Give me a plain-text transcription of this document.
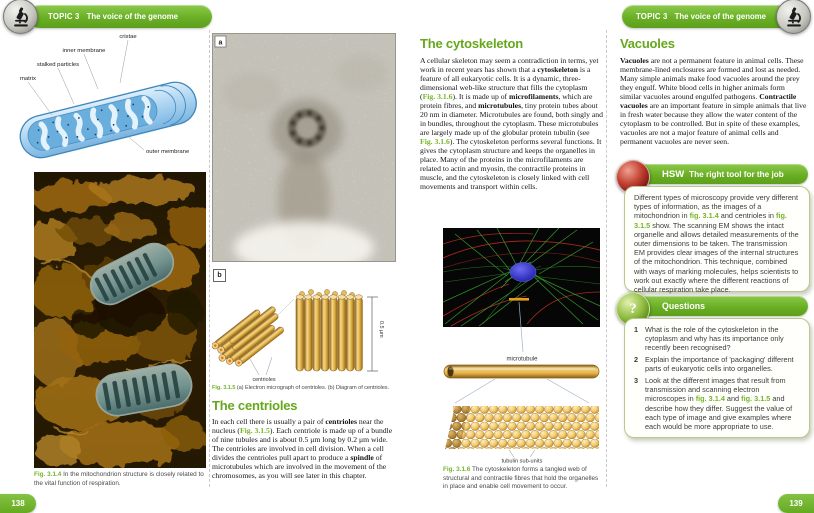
TOPIC 3 The voice of the genome
cristae
inner membrane
stalked particles
matrix
outer membrane
Fig. 3.1.4 In the mitochondrion structure is closely related to the vital function of respiration.
a
b
0.5 μm
centrioles
Fig. 3.1.5 (a) Electron micrograph of centrioles. (b) Diagram of centrioles.
The centrioles
In each cell there is usually a pair of centrioles near the nucleus (Fig. 3.1.5). Each centriole is made up of a bundle of nine tubules and is about 0.5 μm long by 0.2 μm wide. The centrioles are involved in cell division. When a cell divides the centrioles pull apart to produce a spindle of microtubules which are involved in the movement of the chromosomes, as you will see later in this chapter.
138
The cytoskeleton
A cellular skeleton may seem a contradiction in terms, yet work in recent years has shown that a cytoskeleton is a feature of all eukaryotic cells. It is a dynamic, three-dimensional web-like structure that fills the cytoplasm (Fig. 3.1.6). It is made up of microfilaments, which are protein fibres, and microtubules, tiny protein tubes about 20 nm in diameter. Microtubules are found, both singly and in bundles, throughout the cytoplasm. These microtubules are largely made up of the globular protein tubulin (see Fig. 3.1.6). The cytoskeleton performs several functions. It gives the cytoplasm structure and keeps the organelles in place. Many of the proteins in the microfilaments are related to actin and myosin, the contractile proteins in muscle, and the cytoskeleton is closely linked with cell movements and transport within cells.
microtubule
tubulin sub-units
Fig. 3.1.6 The cytoskeleton forms a tangled web of structural and contractile fibres that hold the organelles in place and enable cell movement to occur.
Vacuoles
Vacuoles are not a permanent feature in animal cells. These membrane-lined enclosures are formed and lost as needed. Many simple animals make food vacuoles around the prey they engulf. White blood cells in higher animals form similar vacuoles around engulfed pathogens. Contractile vacuoles are an important feature in simple animals that live in fresh water because they allow the water content of the cytoplasm to be controlled. But in spite of these examples, vacuoles are not a major feature of animal cells and permanent vacuoles are never seen.
HSW The right tool for the job
Different types of microscopy provide very different types of information, as the images of a mitochondrion in fig. 3.1.4 and centrioles in fig. 3.1.5 show. The scanning EM shows the intact organelle and allows detailed measurements of the outer dimensions to be taken. The transmission EM provides clear images of the internal structures of the mitochondrion. This technique, combined with ways of marking molecules, helps scientists to work out exactly where the different reactions of cellular respiration take place.
Questions
?
1 What is the role of the cytoskeleton in the cytoplasm and why has its importance only recently been recognised?
2 Explain the importance of 'packaging' different parts of eukaryotic cells into organelles.
3 Look at the different images that result from transmission and scanning electron microscopes in fig. 3.1.4 and fig. 3.1.5 and describe how they differ. Suggest the value of each type of image and give examples where each would be more appropriate to use.
TOPIC 3 The voice of the genome
139
